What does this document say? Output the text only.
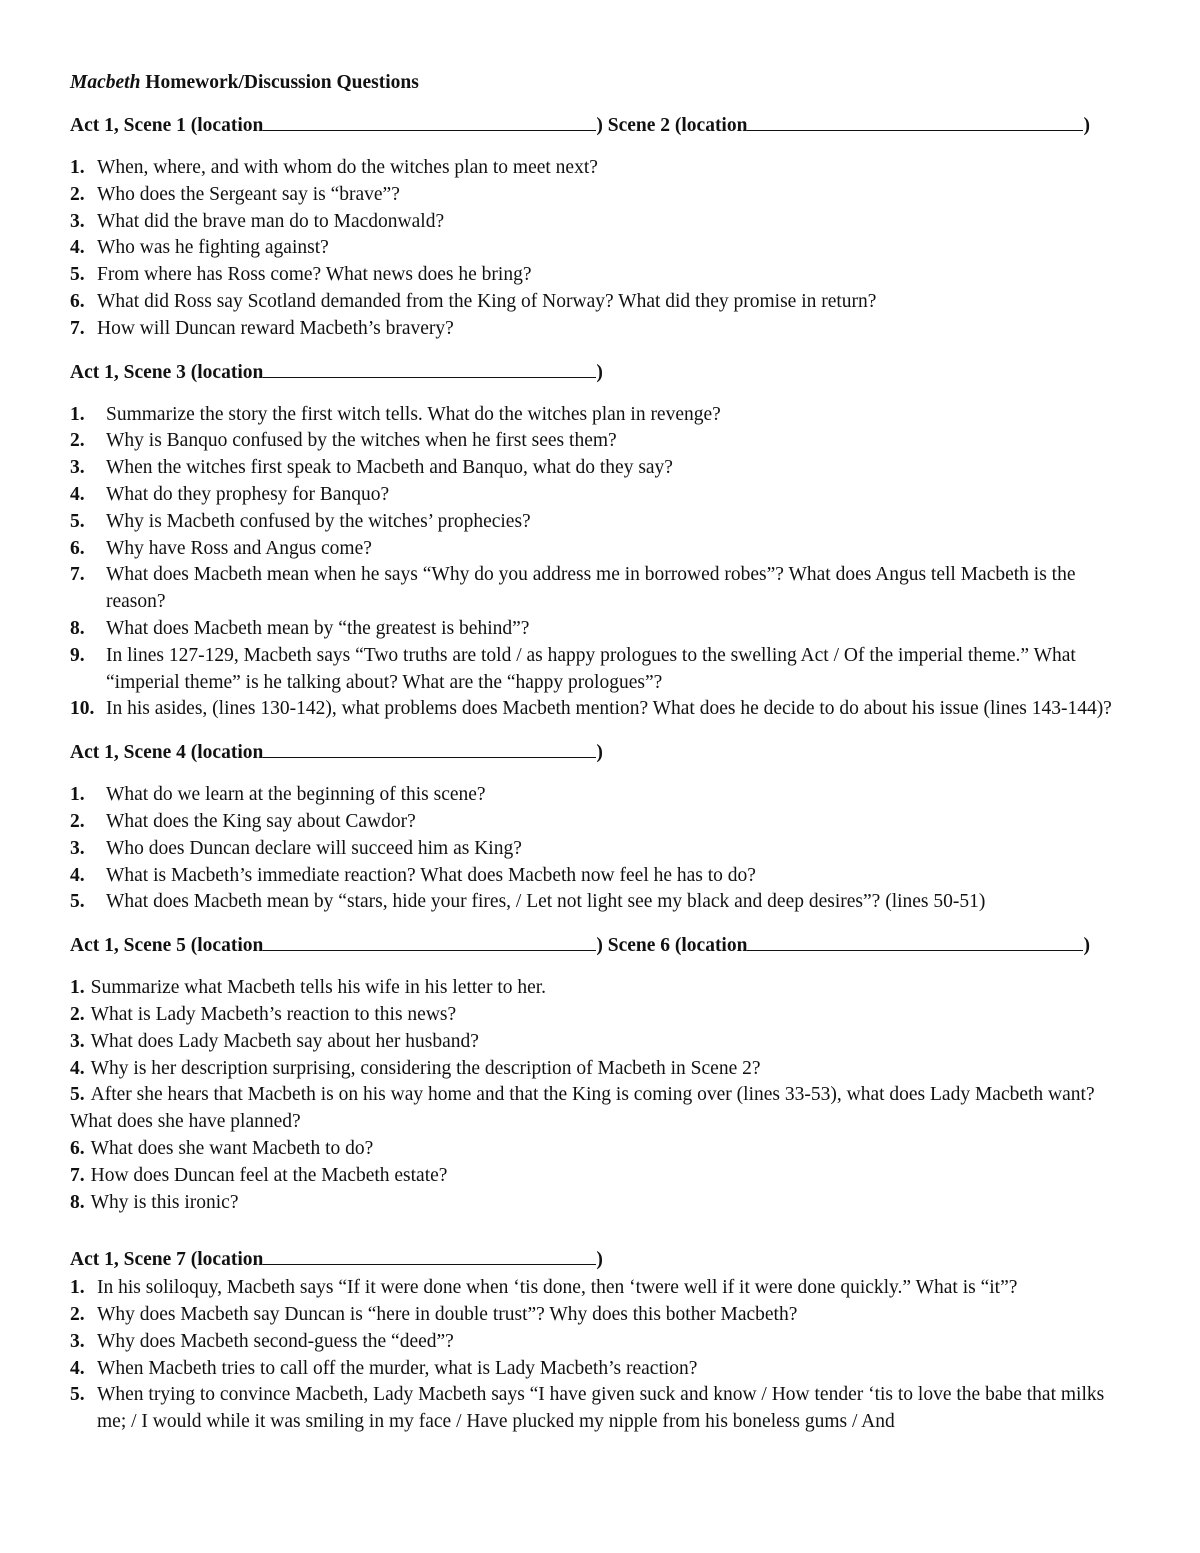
Macbeth Homework/Discussion Questions
Act 1, Scene 1 (location	) Scene 2 (location	)
1. When, where, and with whom do the witches plan to meet next?
2. Who does the Sergeant say is “brave”?
3. What did the brave man do to Macdonwald?
4. Who was he fighting against?
5. From where has Ross come? What news does he bring?
6. What did Ross say Scotland demanded from the King of Norway? What did they promise in return?
7. How will Duncan reward Macbeth’s bravery?
Act 1, Scene 3 (location	)
1.	Summarize the story the first witch tells. What do the witches plan in revenge?
2.	Why is Banquo confused by the witches when he first sees them?
3.	When the witches first speak to Macbeth and Banquo, what do they say?
4.	What do they prophesy for Banquo?
5.	Why is Macbeth confused by the witches’ prophecies?
6.	Why have Ross and Angus come?
7.	What does Macbeth mean when he says “Why do you address me in borrowed robes”? What does Angus tell Macbeth is the reason?
8.	What does Macbeth mean by “the greatest is behind”?
9.	In lines 127-129, Macbeth says “Two truths are told / as happy prologues to the swelling Act / Of the imperial theme.” What “imperial theme” is he talking about? What are the “happy prologues”?
10. In his asides, (lines 130-142), what problems does Macbeth mention? What does he decide to do about his issue (lines 143-144)?
Act 1, Scene 4 (location	)
1.	What do we learn at the beginning of this scene?
2.	What does the King say about Cawdor?
3.	Who does Duncan declare will succeed him as King?
4.	What is Macbeth’s immediate reaction? What does Macbeth now feel he has to do?
5.	What does Macbeth mean by “stars, hide your fires, / Let not light see my black and deep desires”? (lines 50-51)
Act 1, Scene 5 (location	) Scene 6 (location	)
1. Summarize what Macbeth tells his wife in his letter to her.
2. What is Lady Macbeth’s reaction to this news?
3. What does Lady Macbeth say about her husband?
4. Why is her description surprising, considering the description of Macbeth in Scene 2?
5. After she hears that Macbeth is on his way home and that the King is coming over (lines 33-53), what does Lady Macbeth want? What does she have planned?
6. What does she want Macbeth to do?
7. How does Duncan feel at the Macbeth estate?
8. Why is this ironic?
Act 1, Scene 7 (location	)
1. In his soliloquy, Macbeth says “If it were done when ‘tis done, then ‘twere well if it were done quickly.” What is “it”?
2. Why does Macbeth say Duncan is “here in double trust”? Why does this bother Macbeth?
3. Why does Macbeth second-guess the “deed”?
4. When Macbeth tries to call off the murder, what is Lady Macbeth’s reaction?
5. When trying to convince Macbeth, Lady Macbeth says “I have given suck and know / How tender ‘tis to love the babe that milks me; / I would while it was smiling in my face / Have plucked my nipple from his boneless gums / And
